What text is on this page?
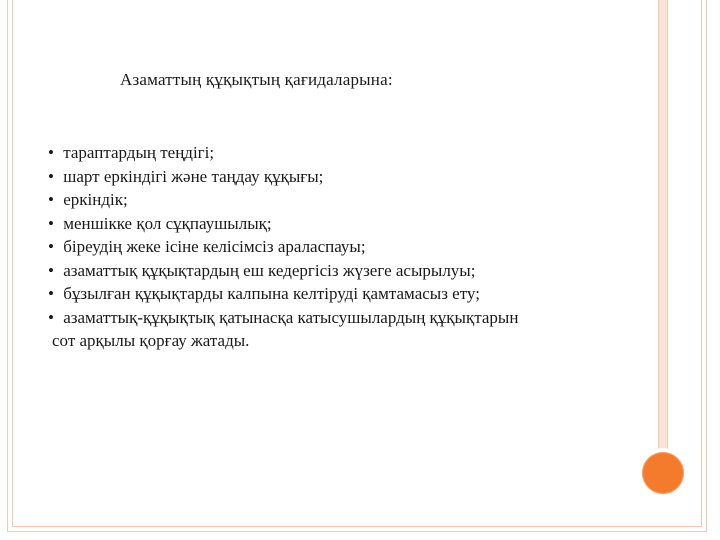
Азаматтың құқықтың қағидаларына:
• тараптардың теңдігі;
• шарт еркіндігі және таңдау құқығы;
• еркіндік;
• меншікке қол сұқпаушылық;
• біреудің жеке ісіне келісімсіз араласпауы;
• азаматтық құқықтардың еш кедергісіз жүзеге асырылуы;
• бұзылған құқықтарды калпына келтіруді қамтамасыз ету;
• азаматтық-құқықтық қатынасқа катысушылардың құқықтарын
сот арқылы қорғау жатады.
